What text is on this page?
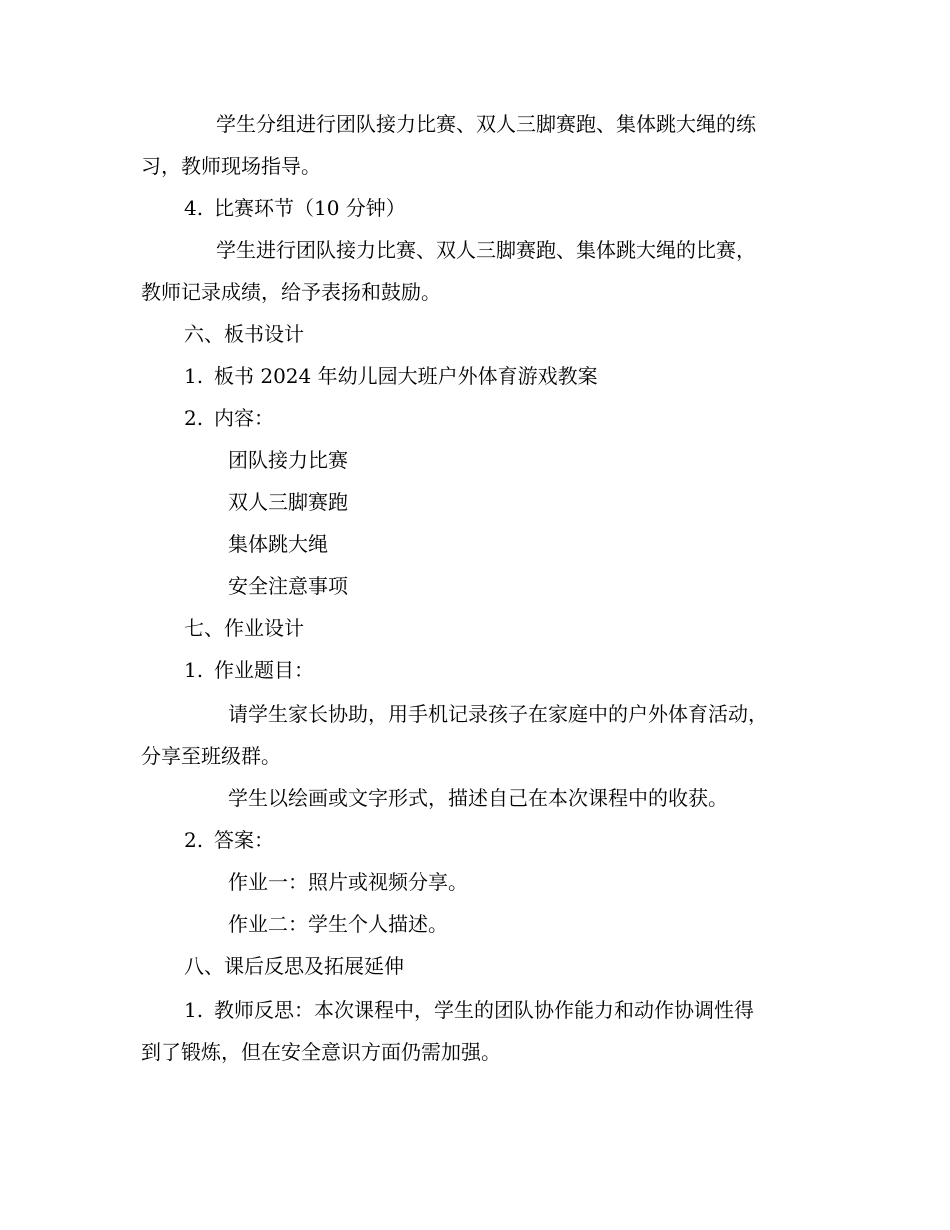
学生分组进行团队接力比赛、双人三脚赛跑、集体跳大绳的练
习，教师现场指导。
4. 比赛环节（10 分钟）
学生进行团队接力比赛、双人三脚赛跑、集体跳大绳的比赛，
教师记录成绩，给予表扬和鼓励。
六、板书设计
1. 板书 2024 年幼儿园大班户外体育游戏教案
2. 内容：
团队接力比赛
双人三脚赛跑
集体跳大绳
安全注意事项
七、作业设计
1. 作业题目：
请学生家长协助，用手机记录孩子在家庭中的户外体育活动，
分享至班级群。
学生以绘画或文字形式，描述自己在本次课程中的收获。
2. 答案：
作业一：照片或视频分享。
作业二：学生个人描述。
八、课后反思及拓展延伸
1. 教师反思：本次课程中，学生的团队协作能力和动作协调性得
到了锻炼，但在安全意识方面仍需加强。
